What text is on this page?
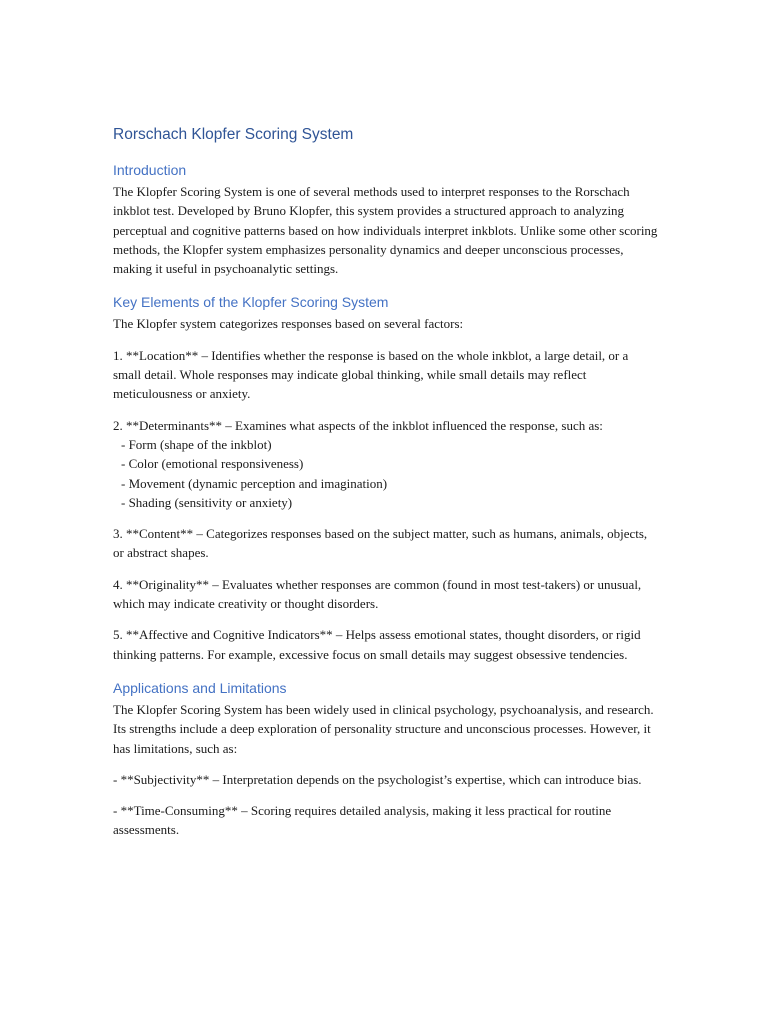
Rorschach Klopfer Scoring System
Introduction

The Klopfer Scoring System is one of several methods used to interpret responses to the Rorschach inkblot test. Developed by Bruno Klopfer, this system provides a structured approach to analyzing perceptual and cognitive patterns based on how individuals interpret inkblots. Unlike some other scoring methods, the Klopfer system emphasizes personality dynamics and deeper unconscious processes, making it useful in psychoanalytic settings.

Key Elements of the Klopfer Scoring System

The Klopfer system categorizes responses based on several factors:

1. **Location** – Identifies whether the response is based on the whole inkblot, a large detail, or a small detail. Whole responses may indicate global thinking, while small details may reflect meticulousness or anxiety.

2. **Determinants** – Examines what aspects of the inkblot influenced the response, such as:
- Form (shape of the inkblot)
- Color (emotional responsiveness)
- Movement (dynamic perception and imagination)
- Shading (sensitivity or anxiety)

3. **Content** – Categorizes responses based on the subject matter, such as humans, animals, objects, or abstract shapes.

4. **Originality** – Evaluates whether responses are common (found in most test-takers) or unusual, which may indicate creativity or thought disorders.

5. **Affective and Cognitive Indicators** – Helps assess emotional states, thought disorders, or rigid thinking patterns. For example, excessive focus on small details may suggest obsessive tendencies.

Applications and Limitations

The Klopfer Scoring System has been widely used in clinical psychology, psychoanalysis, and research. Its strengths include a deep exploration of personality structure and unconscious processes. However, it has limitations, such as:

- **Subjectivity** – Interpretation depends on the psychologist’s expertise, which can introduce bias.

- **Time-Consuming** – Scoring requires detailed analysis, making it less practical for routine assessments.
